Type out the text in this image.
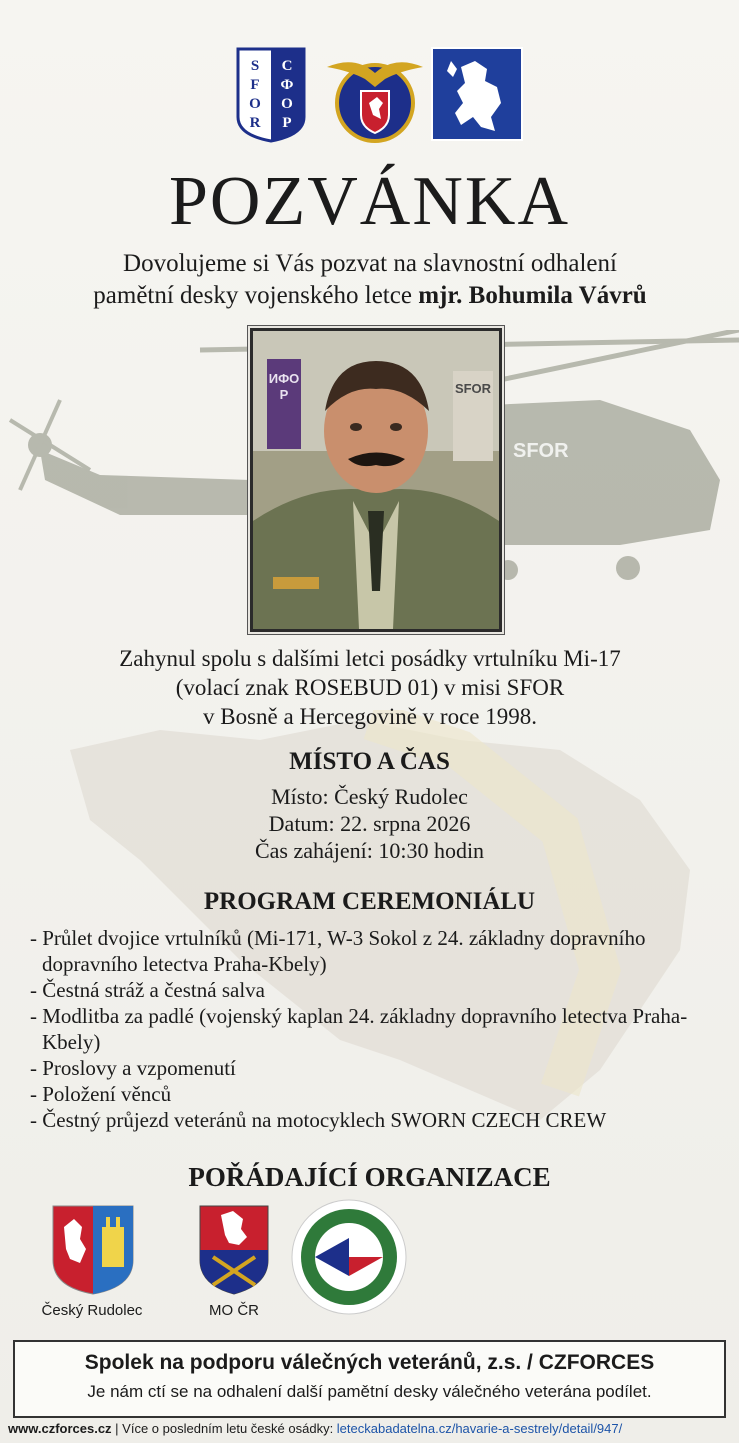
SFOR
S F O R
С Ф О Р
POZVÁNKA
Dovolujeme si Vás pozvat na slavnostní odhalení
pamětní desky vojenského letce mjr. Bohumila Vávrů
ИФОР	SFOR
Zahynul spolu s dalšími letci posádky vrtulníku Mi-17
(volací znak ROSEBUD 01) v misi SFOR
v Bosně a Hercegovině v roce 1998.
MÍSTO A ČAS
Místo: Český Rudolec
Datum: 22. srpna 2026
Čas zahájení: 10:30 hodin
PROGRAM CEREMONIÁLU
- Průlet dvojice vrtulníků (Mi-171, W-3 Sokol z 24. základny dopravního dopravního letectva Praha-Kbely)
- Čestná stráž a čestná salva
- Modlitba za padlé (vojenský kaplan 24. základny dopravního letectva Praha-Kbely)
- Proslovy a vzpomenutí
- Položení věnců
- Čestný průjezd veteránů na motocyklech SWORN CZECH CREW
POŘÁDAJÍCÍ ORGANIZACE
Český Rudolec	MO ČR
Spolek na podporu válečných veteránů, z.s. / CZFORCES
Je nám ctí se na odhalení další pamětní desky válečného veterána podílet.
www.czforces.cz | Více o posledním letu české osádky: leteckabadatelna.cz/havarie-a-sestrely/detail/947/
